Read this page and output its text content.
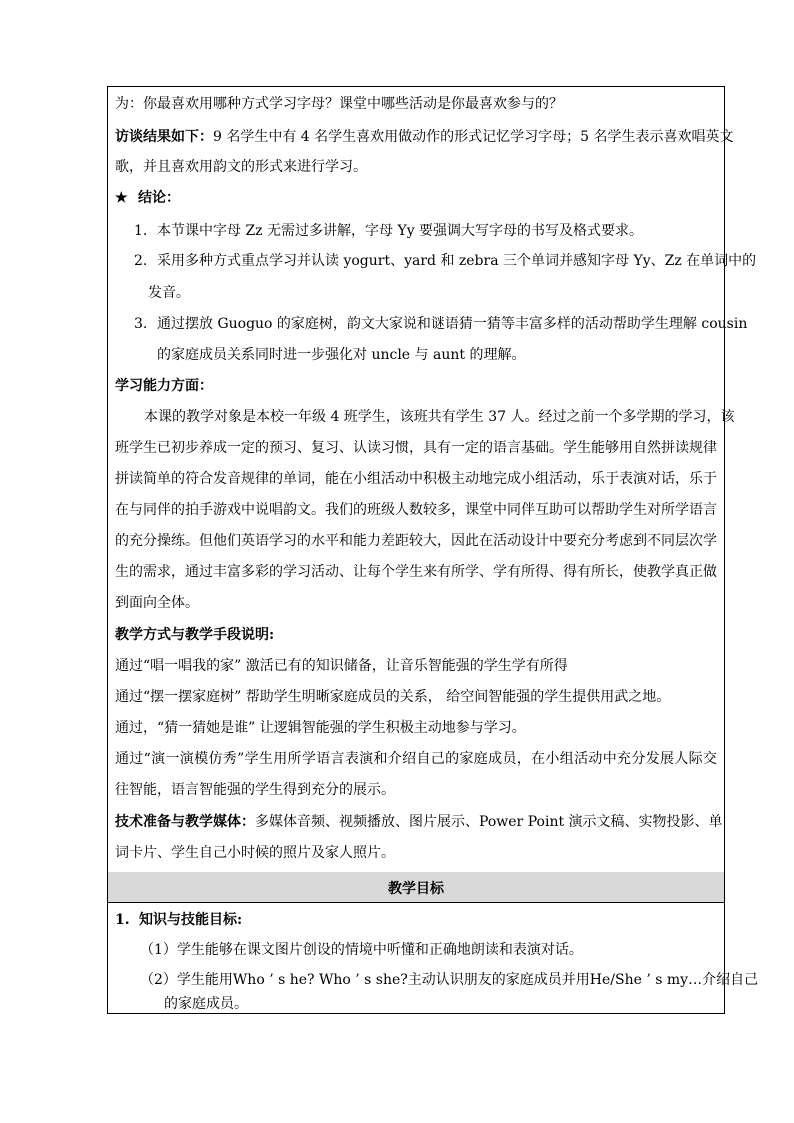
为：你最喜欢用哪种方式学习字母？课堂中哪些活动是你最喜欢参与的？
访谈结果如下：9 名学生中有 4 名学生喜欢用做动作的形式记忆学习字母；5 名学生表示喜欢唱英文
歌，并且喜欢用韵文的形式来进行学习。
★ 结论：
1. 本节课中字母 Zz 无需过多讲解，字母 Yy 要强调大写字母的书写及格式要求。
2. 采用多种方式重点学习并认读 yogurt、yard 和 zebra 三个单词并感知字母 Yy、Zz 在单词中的
发音。
3. 通过摆放 Guoguo 的家庭树，韵文大家说和谜语猜一猜等丰富多样的活动帮助学生理解 cousin
的家庭成员关系同时进一步强化对 uncle 与 aunt 的理解。
学习能力方面：
本课的教学对象是本校一年级 4 班学生，该班共有学生 37 人。经过之前一个多学期的学习，该
班学生已初步养成一定的预习、复习、认读习惯，具有一定的语言基础。学生能够用自然拼读规律
拼读简单的符合发音规律的单词，能在小组活动中积极主动地完成小组活动，乐于表演对话，乐于
在与同伴的拍手游戏中说唱韵文。我们的班级人数较多，课堂中同伴互助可以帮助学生对所学语言
的充分操练。但他们英语学习的水平和能力差距较大，因此在活动设计中要充分考虑到不同层次学
生的需求，通过丰富多彩的学习活动、让每个学生来有所学、学有所得、得有所长，使教学真正做
到面向全体。
教学方式与教学手段说明:
通过“唱一唱我的家” 激活已有的知识储备，让音乐智能强的学生学有所得
通过“摆一摆家庭树” 帮助学生明晰家庭成员的关系， 给空间智能强的学生提供用武之地。
通过，“猜一猜她是谁” 让逻辑智能强的学生积极主动地参与学习。
通过“演一演模仿秀”学生用所学语言表演和介绍自己的家庭成员，在小组活动中充分发展人际交
往智能，语言智能强的学生得到充分的展示。
技术准备与教学媒体：多媒体音频、视频播放、图片展示、Power Point 演示文稿、实物投影、单
词卡片、学生自己小时候的照片及家人照片。
教学目标
1. 知识与技能目标:
（1）学生能够在课文图片创设的情境中听懂和正确地朗读和表演对话。
（2）学生能用Who ’ s he? Who ’ s she?主动认识朋友的家庭成员并用He/She ’ s my…介绍自己
的家庭成员。
